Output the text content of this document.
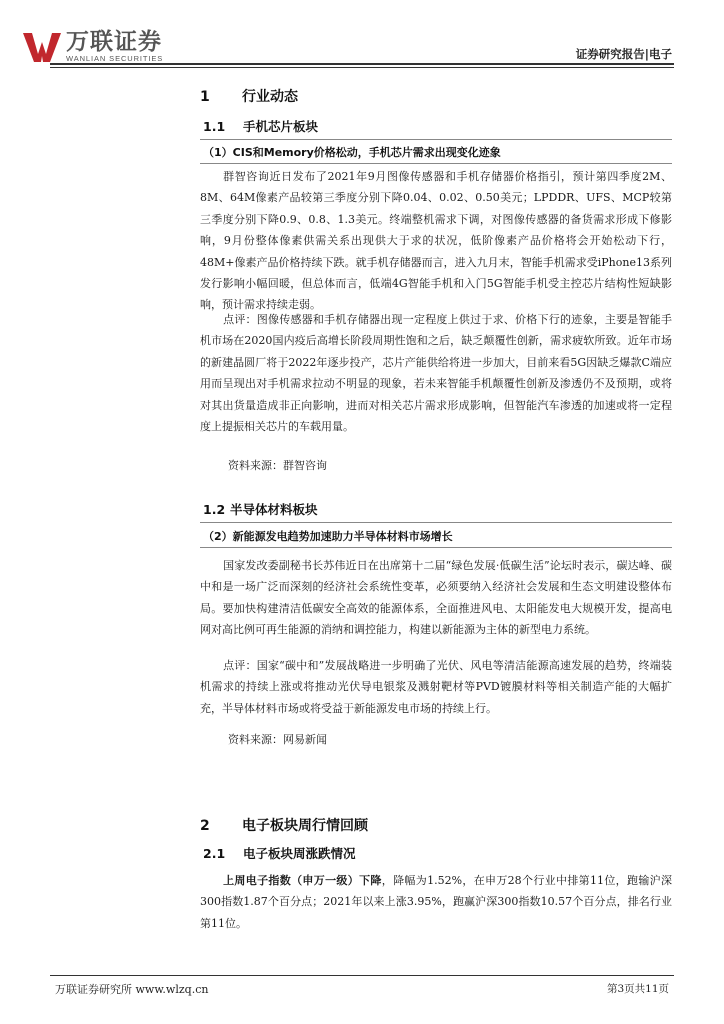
万联证券
WANLIAN SECURITIES	证券研究报告|电子
1 行业动态
1.1 手机芯片板块
（1）CIS和Memory价格松动，手机芯片需求出现变化迹象

群智咨询近日发布了2021年9月图像传感器和手机存储器价格指引，预计第四季度2M、8M、64M像素产品较第三季度分别下降0.04、0.02、0.50美元；LPDDR、UFS、MCP较第三季度分别下降0.9、0.8、1.3美元。终端整机需求下调，对图像传感器的备货需求形成下修影响，9月份整体像素供需关系出现供大于求的状况，低阶像素产品价格将会开始松动下行，48M+像素产品价格持续下跌。就手机存储器而言，进入九月末，智能手机需求受iPhone13系列发行影响小幅回暖，但总体而言，低端4G智能手机和入门5G智能手机受主控芯片结构性短缺影响，预计需求持续走弱。

点评：图像传感器和手机存储器出现一定程度上供过于求、价格下行的迹象，主要是智能手机市场在2020国内疫后高增长阶段周期性饱和之后，缺乏颠覆性创新，需求疲软所致。近年市场的新建晶圆厂将于2022年逐步投产，芯片产能供给将进一步加大，目前来看5G因缺乏爆款C端应用而呈现出对手机需求拉动不明显的现象，若未来智能手机颠覆性创新及渗透仍不及预期，或将对其出货量造成非正向影响，进而对相关芯片需求形成影响，但智能汽车渗透的加速或将一定程度上提振相关芯片的车载用量。

资料来源：群智咨询
1.2 半导体材料板块
（2）新能源发电趋势加速助力半导体材料市场增长

国家发改委副秘书长苏伟近日在出席第十二届“绿色发展·低碳生活”论坛时表示，碳达峰、碳中和是一场广泛而深刻的经济社会系统性变革，必须要纳入经济社会发展和生态文明建设整体布局。要加快构建清洁低碳安全高效的能源体系，全面推进风电、太阳能发电大规模开发，提高电网对高比例可再生能源的消纳和调控能力，构建以新能源为主体的新型电力系统。

点评：国家“碳中和”发展战略进一步明确了光伏、风电等清洁能源高速发展的趋势，终端装机需求的持续上涨或将推动光伏导电银浆及溅射靶材等PVD镀膜材料等相关制造产能的大幅扩充，半导体材料市场或将受益于新能源发电市场的持续上行。

资料来源：网易新闻
2 电子板块周行情回顾
2.1 电子板块周涨跌情况

上周电子指数（申万一级）下降，降幅为1.52%，在申万28个行业中排第11位，跑输沪深300指数1.87个百分点；2021年以来上涨3.95%，跑赢沪深300指数10.57个百分点，排名行业第11位。

万联证券研究所 www.wlzq.cn	第3页共11页
